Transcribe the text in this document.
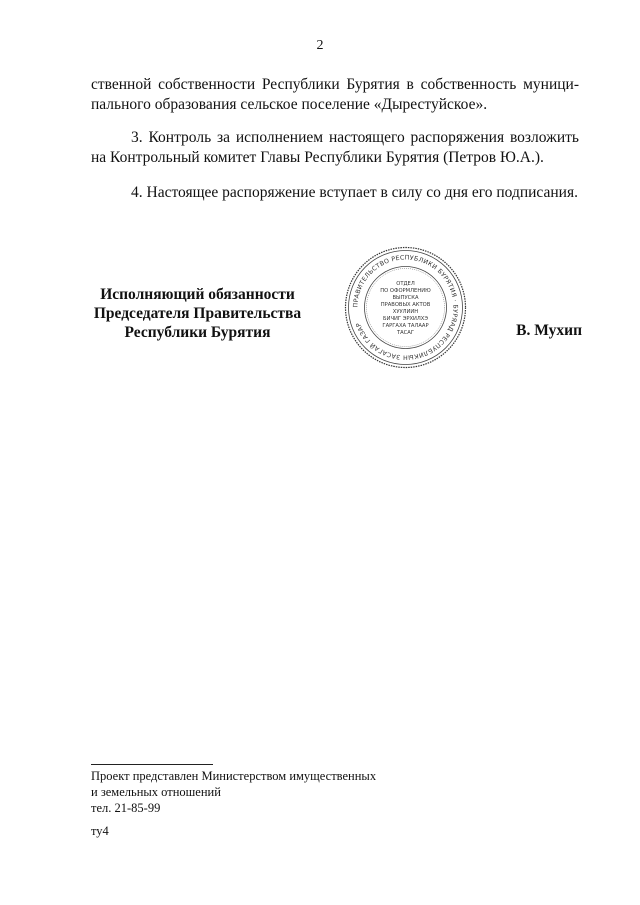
2
ственной собственности Республики Бурятия в собственность муници-
пального образования сельское поселение «Дырестуйское».
3. Контроль за исполнением настоящего распоряжения возложить на Контрольный комитет Главы Республики Бурятия (Петров Ю.А.).
4. Настоящее распоряжение вступает в силу со дня его подписания.
Исполняющий обязанности
Председателя Правительства
Республики Бурятия
ПРАВИТЕЛЬСТВО РЕСПУБЛИКИ БУРЯТИЯ · БУРЯАД РЕСПУБЛИКЫН ЗАСАГАЙ ГАЗАР
ОТДЕЛ
ПО ОФОРМЛЕНИЮ
ВЫПУСКА
ПРАВОВЫХ АКТОВ
ХУУЛИИН
БИЧИГ ЭРХИЛХЭ
ГАРГАХА ТАЛААР
ТАСАГ	В. Мухип
Проект представлен Министерством имущественных
и земельных отношений
тел. 21-85-99
ту4
